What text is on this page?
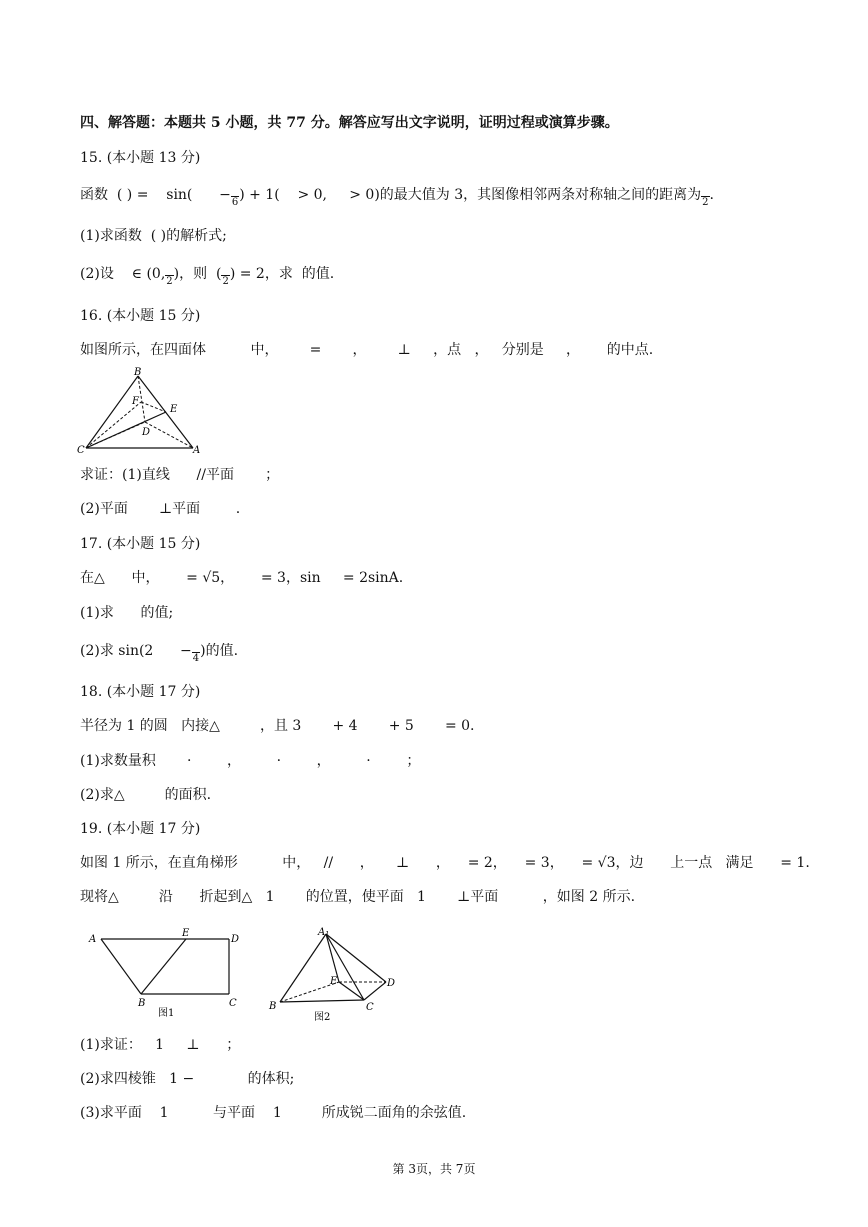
四、解答题：本题共 5 小题，共 77 分。解答应写出文字说明，证明过程或演算步骤。
15. (本小题 13 分)
函数  ( ) =    sin(      −6) + 1(    > 0,     > 0)的最大值为 3，其图像相邻两条对称轴之间的距离为2.
(1)求函数  ( )的解析式;
(2)设    ∈ (0,2)，则  (2) = 2，求  的值.
16. (本小题 15 分)
如图所示，在四面体          中，       =       ，       ⊥     ，点   ，   分别是     ，      的中点.
B
F
E
D
C	A
求证：(1)直线      //平面       ；
(2)平面       ⊥平面        .
17. (本小题 15 分)
在△      中，      = √5，      = 3，sin     = 2sinA.
(1)求      的值;
(2)求 sin(2      −4)的值.
18. (本小题 17 分)
半径为 1 的圆   内接△         ，且 3       + 4       + 5       = 0.
(1)求数量积       ·        ，        ·        ，        ·        ；
(2)求△         的面积.
19. (本小题 17 分)
如图 1 所示，在直角梯形          中，   //      ，     ⊥      ，    = 2，    = 3，    = √3，边      上一点   满足      = 1.
现将△         沿      折起到△   1       的位置，使平面   1       ⊥平面          ，如图 2 所示.
A
E
D
B	C
图1
A₁
E	D
B	C
图2
(1)求证：   1     ⊥      ；
(2)求四棱锥   1 −            的体积;
(3)求平面    1          与平面    1         所成锐二面角的余弦值.
第 3页，共 7页
